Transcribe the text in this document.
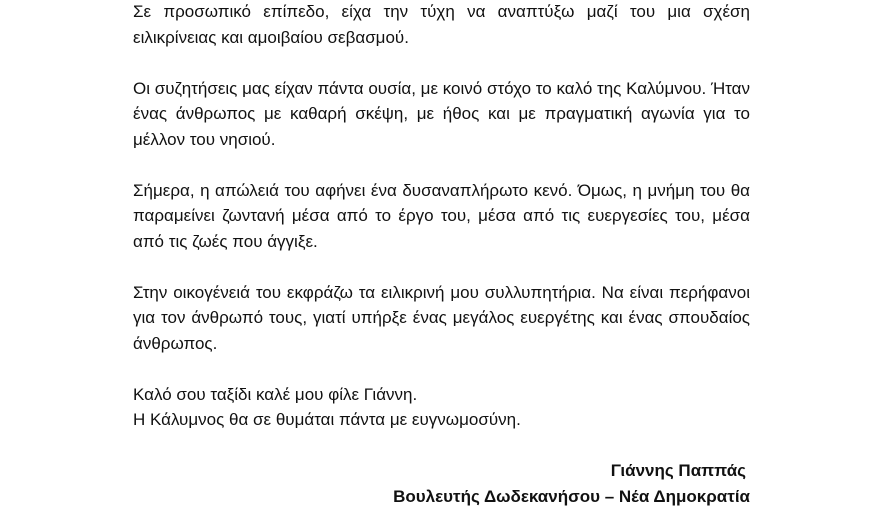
Σε προσωπικό επίπεδο, είχα την τύχη να αναπτύξω μαζί του μια σχέση ειλικρίνειας και αμοιβαίου σεβασμού.

Οι συζητήσεις μας είχαν πάντα ουσία, με κοινό στόχο το καλό της Καλύμνου. Ήταν ένας άνθρωπος με καθαρή σκέψη, με ήθος και με πραγματική αγωνία για το μέλλον του νησιού.

Σήμερα, η απώλειά του αφήνει ένα δυσαναπλήρωτο κενό. Όμως, η μνήμη του θα παραμείνει ζωντανή μέσα από το έργο του, μέσα από τις ευεργεσίες του, μέσα από τις ζωές που άγγιξε.

Στην οικογένειά του εκφράζω τα ειλικρινή μου συλλυπητήρια. Να είναι περήφανοι για τον άνθρωπό τους, γιατί υπήρξε ένας μεγάλος ευεργέτης και ένας σπουδαίος άνθρωπος.

Καλό σου ταξίδι καλέ μου φίλε Γιάννη.
Η Κάλυμνος θα σε θυμάται πάντα με ευγνωμοσύνη.
Γιάννης Παππάς
Βουλευτής Δωδεκανήσου – Νέα Δημοκρατία
